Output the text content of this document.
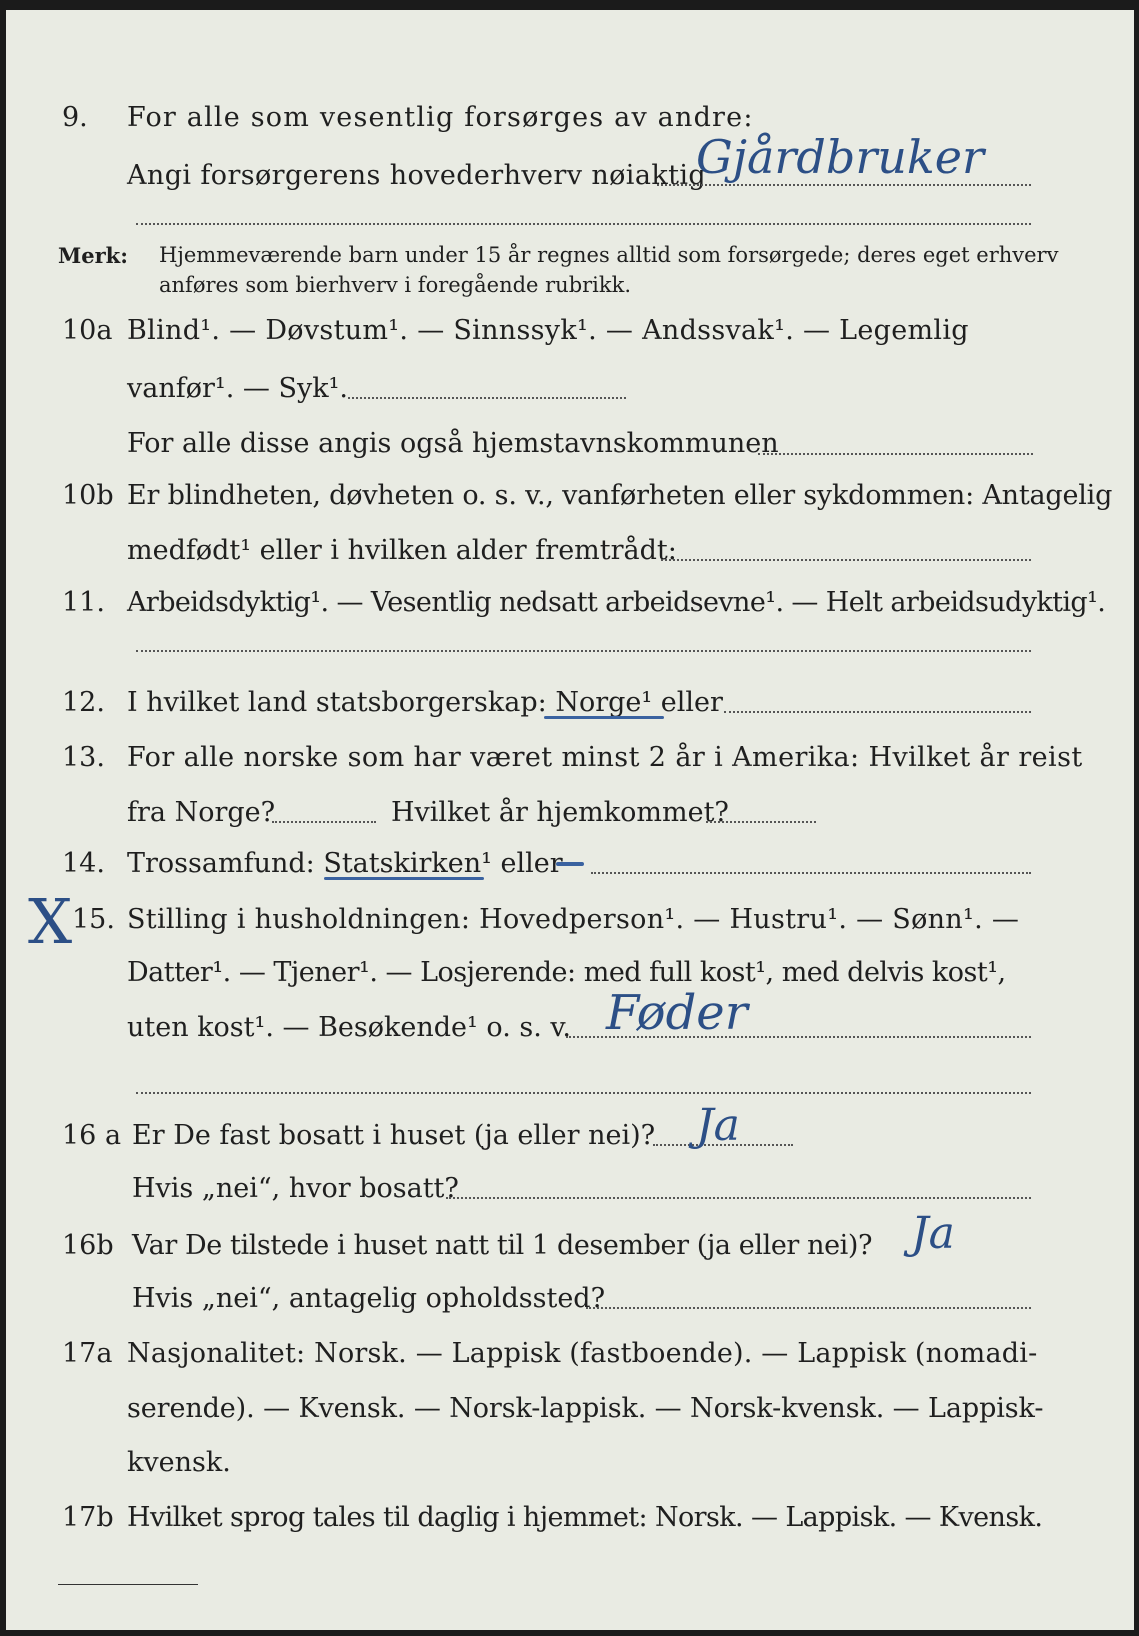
9. For alle som vesentlig forsørges av andre:
Angi forsørgerens hovederhverv nøiaktig
Gjårdbruker
Merk: Hjemmeværende barn under 15 år regnes alltid som forsørgede; deres eget erhverv
anføres som bierhverv i foregående rubrikk.
10a Blind¹. — Døvstum¹. — Sinnssyk¹. — Andssvak¹. — Legemlig
vanfør¹. — Syk¹.
For alle disse angis også hjemstavnskommunen
10b Er blindheten, døvheten o. s. v., vanførheten eller sykdommen: Antagelig
medfødt¹ eller i hvilken alder fremtrådt:
11. Arbeidsdyktig¹. — Vesentlig nedsatt arbeidsevne¹. — Helt arbeidsudyktig¹.
12. I hvilket land statsborgerskap: Norge¹ eller
13. For alle norske som har været minst 2 år i Amerika: Hvilket år reist
fra Norge?	Hvilket år hjemkommet?
14. Trossamfund: Statskirken¹ eller
X 15. Stilling i husholdningen: Hovedperson¹. — Hustru¹. — Sønn¹. —
Datter¹. — Tjener¹. — Losjerende: med full kost¹, med delvis kost¹,
uten kost¹. — Besøkende¹ o. s. v. Føder
16 a Er De fast bosatt i huset (ja eller nei)? Ja
Hvis „nei“, hvor bosatt?
16b Var De tilstede i huset natt til 1 desember (ja eller nei)? Ja
Hvis „nei“, antagelig opholdssted?
17a Nasjonalitet: Norsk. — Lappisk (fastboende). — Lappisk (nomadi-
serende). — Kvensk. — Norsk-lappisk. — Norsk-kvensk. — Lappisk-
kvensk.
17b Hvilket sprog tales til daglig i hjemmet: Norsk. — Lappisk. — Kvensk.
